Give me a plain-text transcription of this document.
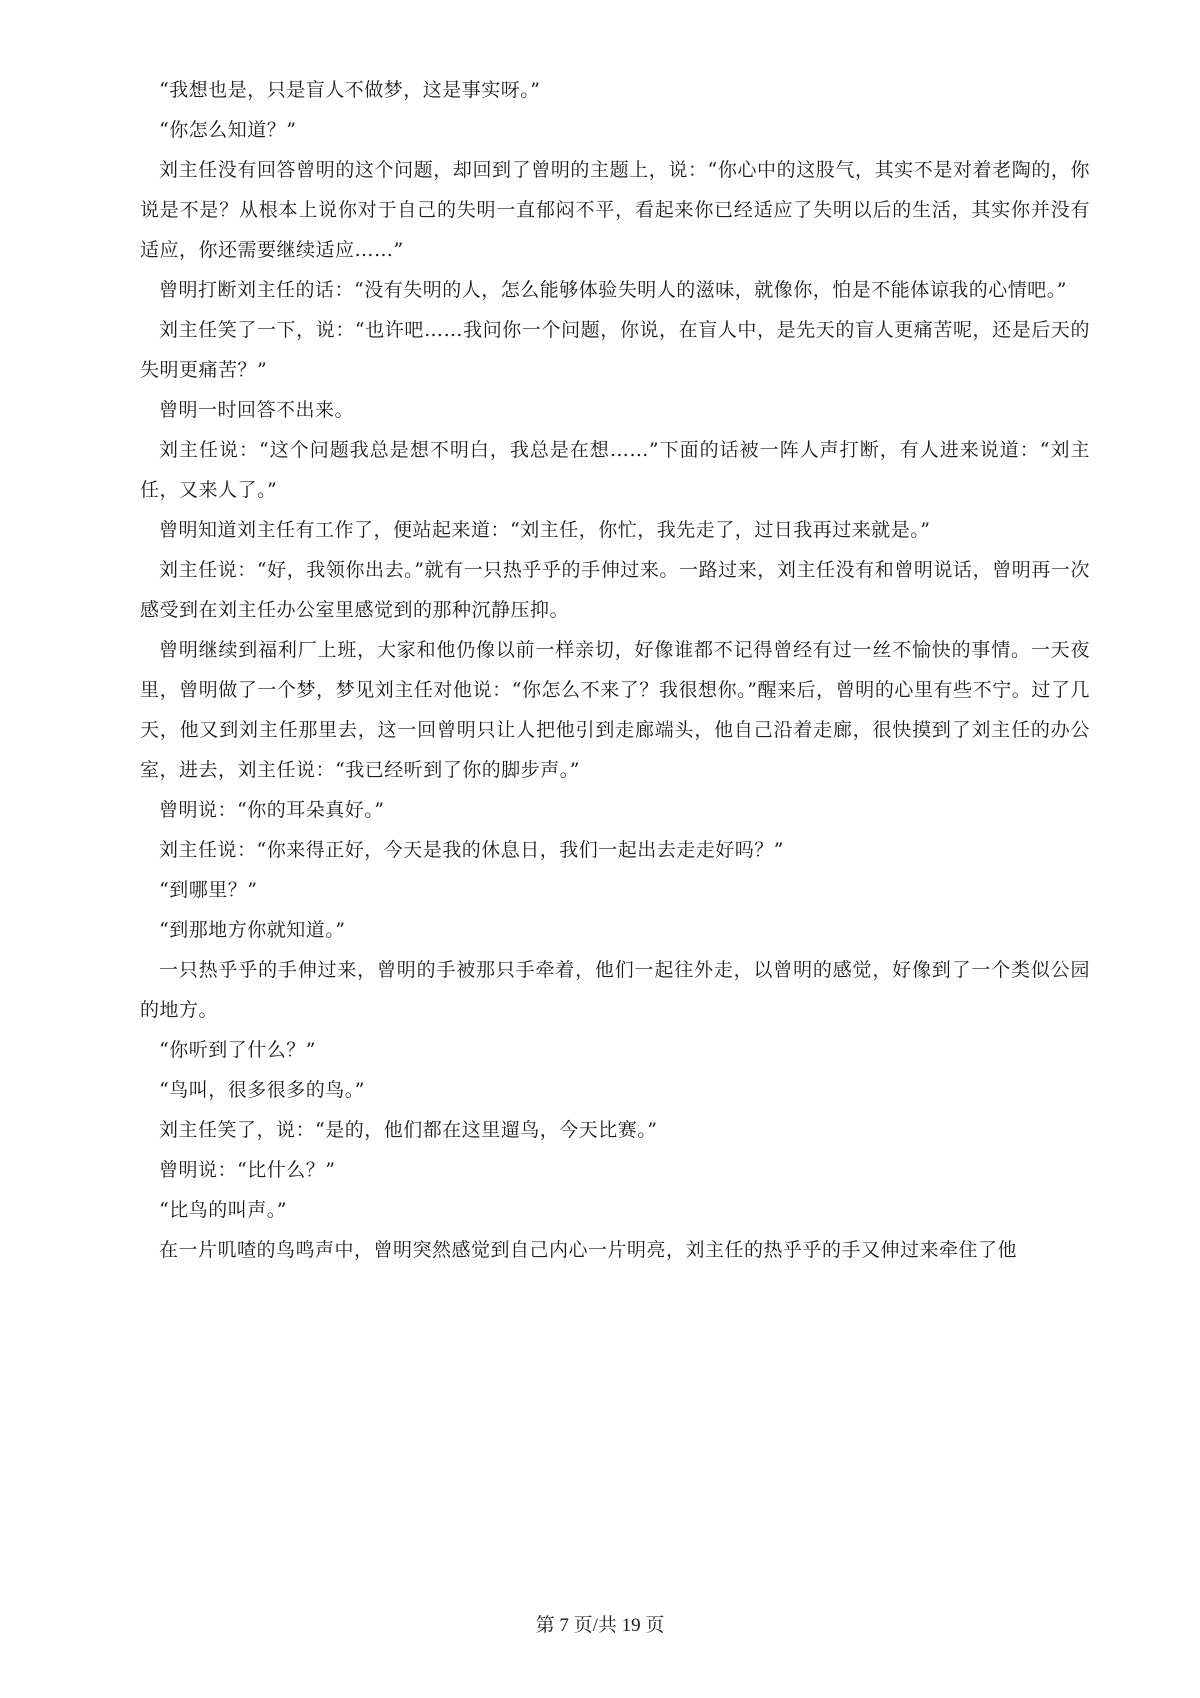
“我想也是，只是盲人不做梦，这是事实呀。”

“你怎么知道？”

刘主任没有回答曾明的这个问题，却回到了曾明的主题上，说：“你心中的这股气，其实不是对着老陶的，你说是不是？从根本上说你对于自己的失明一直郁闷不平，看起来你已经适应了失明以后的生活，其实你并没有适应，你还需要继续适应……”

曾明打断刘主任的话：“没有失明的人，怎么能够体验失明人的滋味，就像你，怕是不能体谅我的心情吧。”

刘主任笑了一下，说：“也许吧……我问你一个问题，你说，在盲人中，是先天的盲人更痛苦呢，还是后天的失明更痛苦？”

曾明一时回答不出来。

刘主任说：“这个问题我总是想不明白，我总是在想……”下面的话被一阵人声打断，有人进来说道：“刘主任，又来人了。”

曾明知道刘主任有工作了，便站起来道：“刘主任，你忙，我先走了，过日我再过来就是。”

刘主任说：“好，我领你出去。”就有一只热乎乎的手伸过来。一路过来，刘主任没有和曾明说话，曾明再一次感受到在刘主任办公室里感觉到的那种沉静压抑。

曾明继续到福利厂上班，大家和他仍像以前一样亲切，好像谁都不记得曾经有过一丝不愉快的事情。一天夜里，曾明做了一个梦，梦见刘主任对他说：“你怎么不来了？我很想你。”醒来后，曾明的心里有些不宁。过了几天，他又到刘主任那里去，这一回曾明只让人把他引到走廊端头，他自己沿着走廊，很快摸到了刘主任的办公室，进去，刘主任说：“我已经听到了你的脚步声。”

曾明说：“你的耳朵真好。”

刘主任说：“你来得正好，今天是我的休息日，我们一起出去走走好吗？”

“到哪里？”

“到那地方你就知道。”

一只热乎乎的手伸过来，曾明的手被那只手牵着，他们一起往外走，以曾明的感觉，好像到了一个类似公园的地方。

“你听到了什么？”

“鸟叫，很多很多的鸟。”

刘主任笑了，说：“是的，他们都在这里遛鸟，今天比赛。”

曾明说：“比什么？”

“比鸟的叫声。”

在一片叽喳的鸟鸣声中，曾明突然感觉到自己内心一片明亮，刘主任的热乎乎的手又伸过来牵住了他

第 7 页/共 19 页
